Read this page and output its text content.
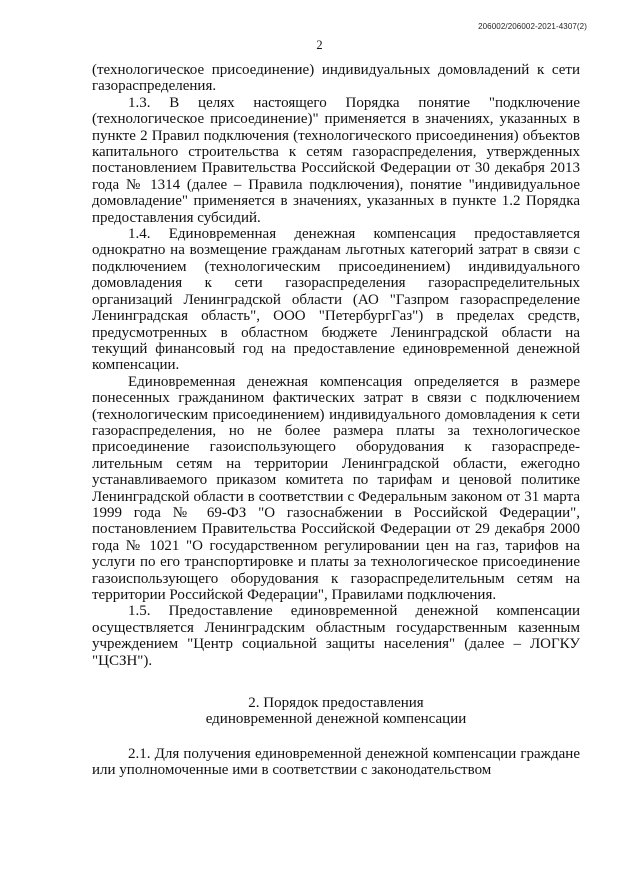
206002/206002-2021-4307(2)
2

(технологическое присоединение) индивидуальных домовладений к сети газораспределения.

1.3. В целях настоящего Порядка понятие "подключение (технологическое присоединение)" применяется в значениях, указанных в пункте 2 Правил подключения (технологического присоединения) объектов капитального строительства к сетям газораспределения, утвержденных постановлением Правительства Российской Федерации от 30 декабря 2013 года № 1314 (далее – Правила подключения), понятие "индивидуальное домовладение" применяется в значениях, указанных в пункте 1.2 Порядка предоставления субсидий.

1.4. Единовременная денежная компенсация предоставляется однократно на возмещение гражданам льготных категорий затрат в связи с подключением (технологическим присоединением) индивидуального домовладения к сети газораспределения газораспределительных организаций Ленинградской области (АО "Газпром газораспределение Ленинградская область", ООО "ПетербургГаз") в пределах средств, предусмотренных в областном бюджете Ленинградской области на текущий финансовый год на предоставление единовременной денежной компенсации.

Единовременная денежная компенсация определяется в размере понесенных гражданином фактических затрат в связи с подключением (технологическим присоединением) индивидуального домовладения к сети газораспределения, но не более размера платы за технологическое присоединение газоиспользующего оборудования к газораспреде-лительным сетям на территории Ленинградской области, ежегодно устанавливаемого приказом комитета по тарифам и ценовой политике Ленинградской области в соответствии с Федеральным законом от 31 марта 1999 года № 69-ФЗ "О газоснабжении в Российской Федерации", постановлением Правительства Российской Федерации от 29 декабря 2000 года № 1021 "О государственном регулировании цен на газ, тарифов на услуги по его транспортировке и платы за технологическое присоединение газоиспользующего оборудования к газораспределительным сетям на территории Российской Федерации", Правилами подключения.

1.5. Предоставление единовременной денежной компенсации осуществляется Ленинградским областным государственным казенным учреждением "Центр социальной защиты населения" (далее – ЛОГКУ "ЦСЗН").

2. Порядок предоставления
единовременной денежной компенсации

2.1. Для получения единовременной денежной компенсации граждане или уполномоченные ими в соответствии с законодательством
